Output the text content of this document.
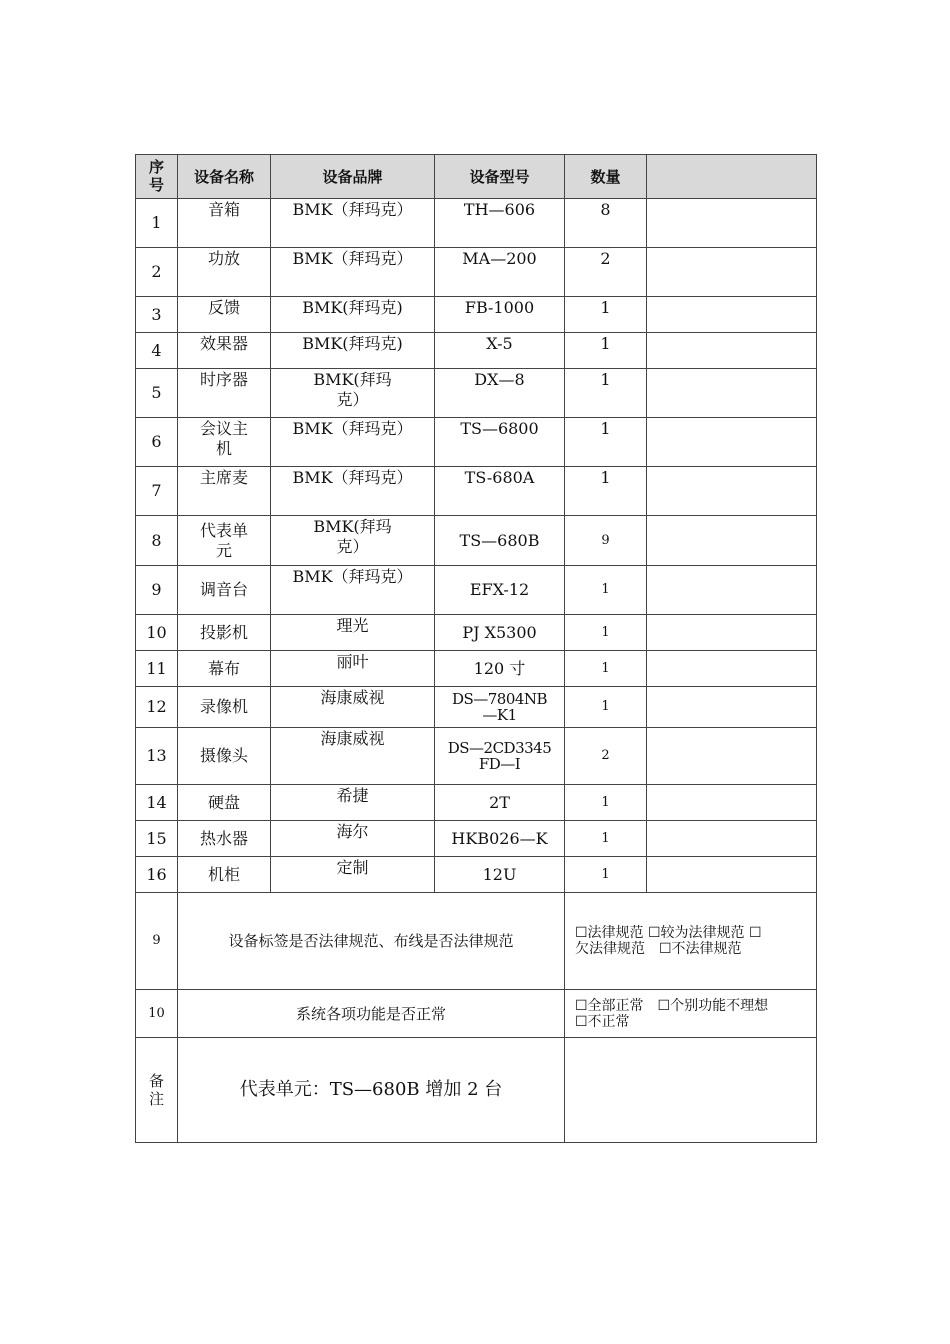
序号	设备名称	设备品牌	设备型号	数量	
1	音箱	BMK（拜玛克）	TH—606	8	
2	功放	BMK（拜玛克）	MA—200	2	
3	反馈	BMK(拜玛克)	FB-1000	1	
4	效果器	BMK(拜玛克)	X-5	1	
5	时序器	BMK(拜玛克）	DX—8	1	
6	会议主机	BMK（拜玛克）	TS—6800	1	
7	主席麦	BMK（拜玛克）	TS-680A	1	
8	代表单元	BMK(拜玛克）	TS—680B	9	
9	调音台	BMK（拜玛克）	EFX-12	1	
10	投影机	理光	PJ X5300	1	
11	幕布	丽叶	120 寸	1	
12	录像机	海康威视	DS—7804NB—K1	1	
13	摄像头	海康威视	DS—2CD3345FD—I	2	
14	硬盘	希捷	2T	1	
15	热水器	海尔	HKB026—K	1	
16	机柜	定制	12U	1	
9	设备标签是否法律规范、布线是否法律规范			☐法律规范 ☐较为法律规范 ☐
欠法律规范　☐不法律规范	

10	系统各项功能是否正常			☐全部正常　☐个别功能不理想
☐不正常	

备注	代表单元：TS—680B 增加 2 台				
